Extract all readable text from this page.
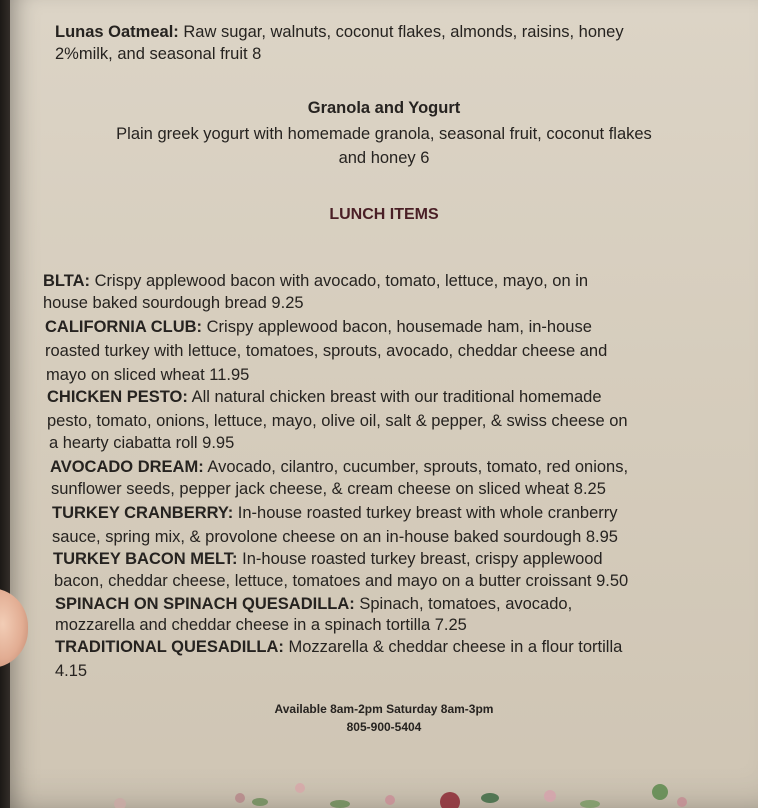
Lunas Oatmeal: Raw sugar, walnuts, coconut flakes, almonds, raisins, honey
2%milk, and seasonal fruit 8
Granola and Yogurt
Plain greek yogurt with homemade granola, seasonal fruit, coconut flakes
and honey 6
LUNCH ITEMS
BLTA: Crispy applewood bacon with avocado, tomato, lettuce, mayo, on in
house baked sourdough bread 9.25
CALIFORNIA CLUB: Crispy applewood bacon, housemade ham, in-house
roasted turkey with lettuce, tomatoes, sprouts, avocado, cheddar cheese and
mayo on sliced wheat 11.95
CHICKEN PESTO: All natural chicken breast with our traditional homemade
pesto, tomato, onions, lettuce, mayo, olive oil, salt & pepper, & swiss cheese on
a hearty ciabatta roll 9.95
AVOCADO DREAM: Avocado, cilantro, cucumber, sprouts, tomato, red onions,
sunflower seeds, pepper jack cheese, & cream cheese on sliced wheat 8.25
TURKEY CRANBERRY: In-house roasted turkey breast with whole cranberry
sauce, spring mix, & provolone cheese on an in-house baked sourdough 8.95
TURKEY BACON MELT: In-house roasted turkey breast, crispy applewood
bacon, cheddar cheese, lettuce, tomatoes and mayo on a butter croissant 9.50
SPINACH ON SPINACH QUESADILLA: Spinach, tomatoes, avocado,
mozzarella and cheddar cheese in a spinach tortilla 7.25
TRADITIONAL QUESADILLA: Mozzarella & cheddar cheese in a flour tortilla
4.15
Available 8am-2pm Saturday 8am-3pm
805-900-5404
